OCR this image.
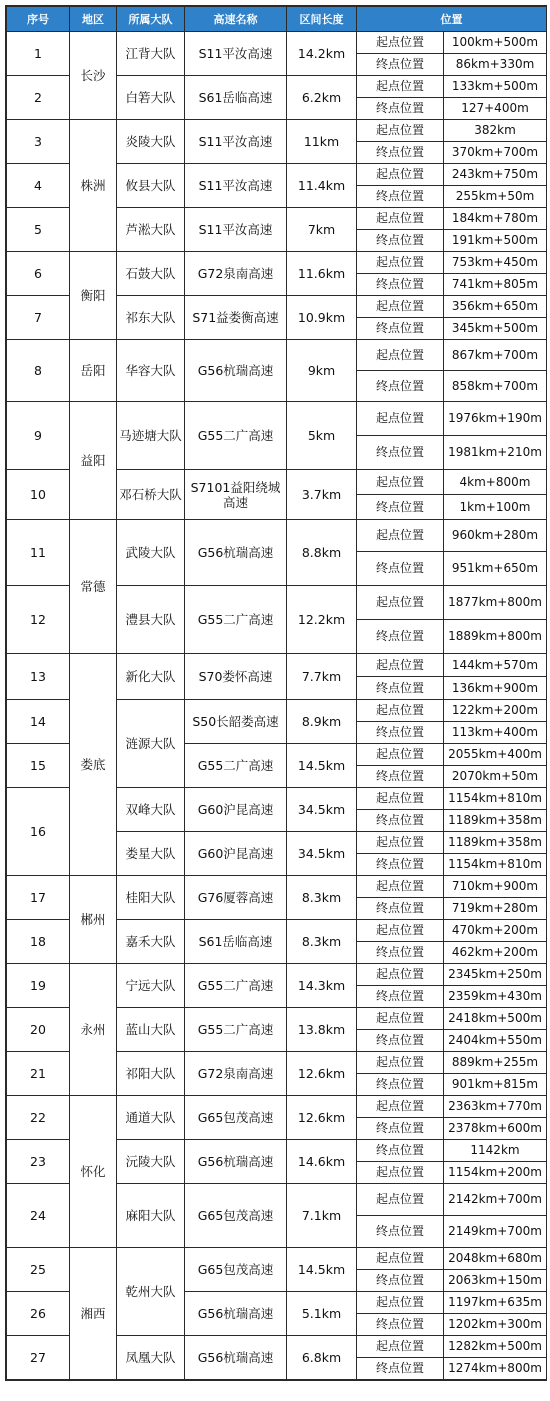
序号	地区	所属大队	高速名称	区间长度	位置	
1	长沙	江背大队	S11平汝高速	14.2km	起点位置	100km+500m
					终点位置	86km+330m
2		白箬大队	S61岳临高速	6.2km	起点位置	133km+500m
					终点位置	127+400m
3	株洲	炎陵大队	S11平汝高速	11km	起点位置	382km
					终点位置	370km+700m
4		攸县大队	S11平汝高速	11.4km	起点位置	243km+750m
					终点位置	255km+50m
5		芦淞大队	S11平汝高速	7km	起点位置	184km+780m
					终点位置	191km+500m
6	衡阳	石鼓大队	G72泉南高速	11.6km	起点位置	753km+450m
					终点位置	741km+805m
7		祁东大队	S71益娄衡高速	10.9km	起点位置	356km+650m
					终点位置	345km+500m
8	岳阳	华容大队	G56杭瑞高速	9km	起点位置	867km+700m
					终点位置	858km+700m
9	益阳	马迹塘大队	G55二广高速	5km	起点位置	1976km+190m
					终点位置	1981km+210m
10		邓石桥大队	S7101益阳绕城高速	3.7km	起点位置	4km+800m
					终点位置	1km+100m
11	常德	武陵大队	G56杭瑞高速	8.8km	起点位置	960km+280m
					终点位置	951km+650m
12		澧县大队	G55二广高速	12.2km	起点位置	1877km+800m
					终点位置	1889km+800m
13	娄底	新化大队	S70娄怀高速	7.7km	起点位置	144km+570m
					终点位置	136km+900m
14		涟源大队	S50长韶娄高速	8.9km	起点位置	122km+200m
					终点位置	113km+400m
15			G55二广高速	14.5km	起点位置	2055km+400m
					终点位置	2070km+50m
16		双峰大队	G60沪昆高速	34.5km	起点位置	1154km+810m
					终点位置	1189km+358m
		娄星大队	G60沪昆高速	34.5km	起点位置	1189km+358m
					终点位置	1154km+810m
17	郴州	桂阳大队	G76厦蓉高速	8.3km	起点位置	710km+900m
					终点位置	719km+280m
18		嘉禾大队	S61岳临高速	8.3km	起点位置	470km+200m
					终点位置	462km+200m
19	永州	宁远大队	G55二广高速	14.3km	起点位置	2345km+250m
					终点位置	2359km+430m
20		蓝山大队	G55二广高速	13.8km	起点位置	2418km+500m
					终点位置	2404km+550m
21		祁阳大队	G72泉南高速	12.6km	起点位置	889km+255m
					终点位置	901km+815m
22	怀化	通道大队	G65包茂高速	12.6km	起点位置	2363km+770m
					终点位置	2378km+600m
23		沅陵大队	G56杭瑞高速	14.6km	终点位置	1142km
					起点位置	1154km+200m
24		麻阳大队	G65包茂高速	7.1km	起点位置	2142km+700m
					终点位置	2149km+700m
25	湘西	乾州大队	G65包茂高速	14.5km	起点位置	2048km+680m
					终点位置	2063km+150m
26			G56杭瑞高速	5.1km	起点位置	1197km+635m
					终点位置	1202km+300m
27		凤凰大队	G56杭瑞高速	6.8km	起点位置	1282km+500m
					终点位置	1274km+800m
